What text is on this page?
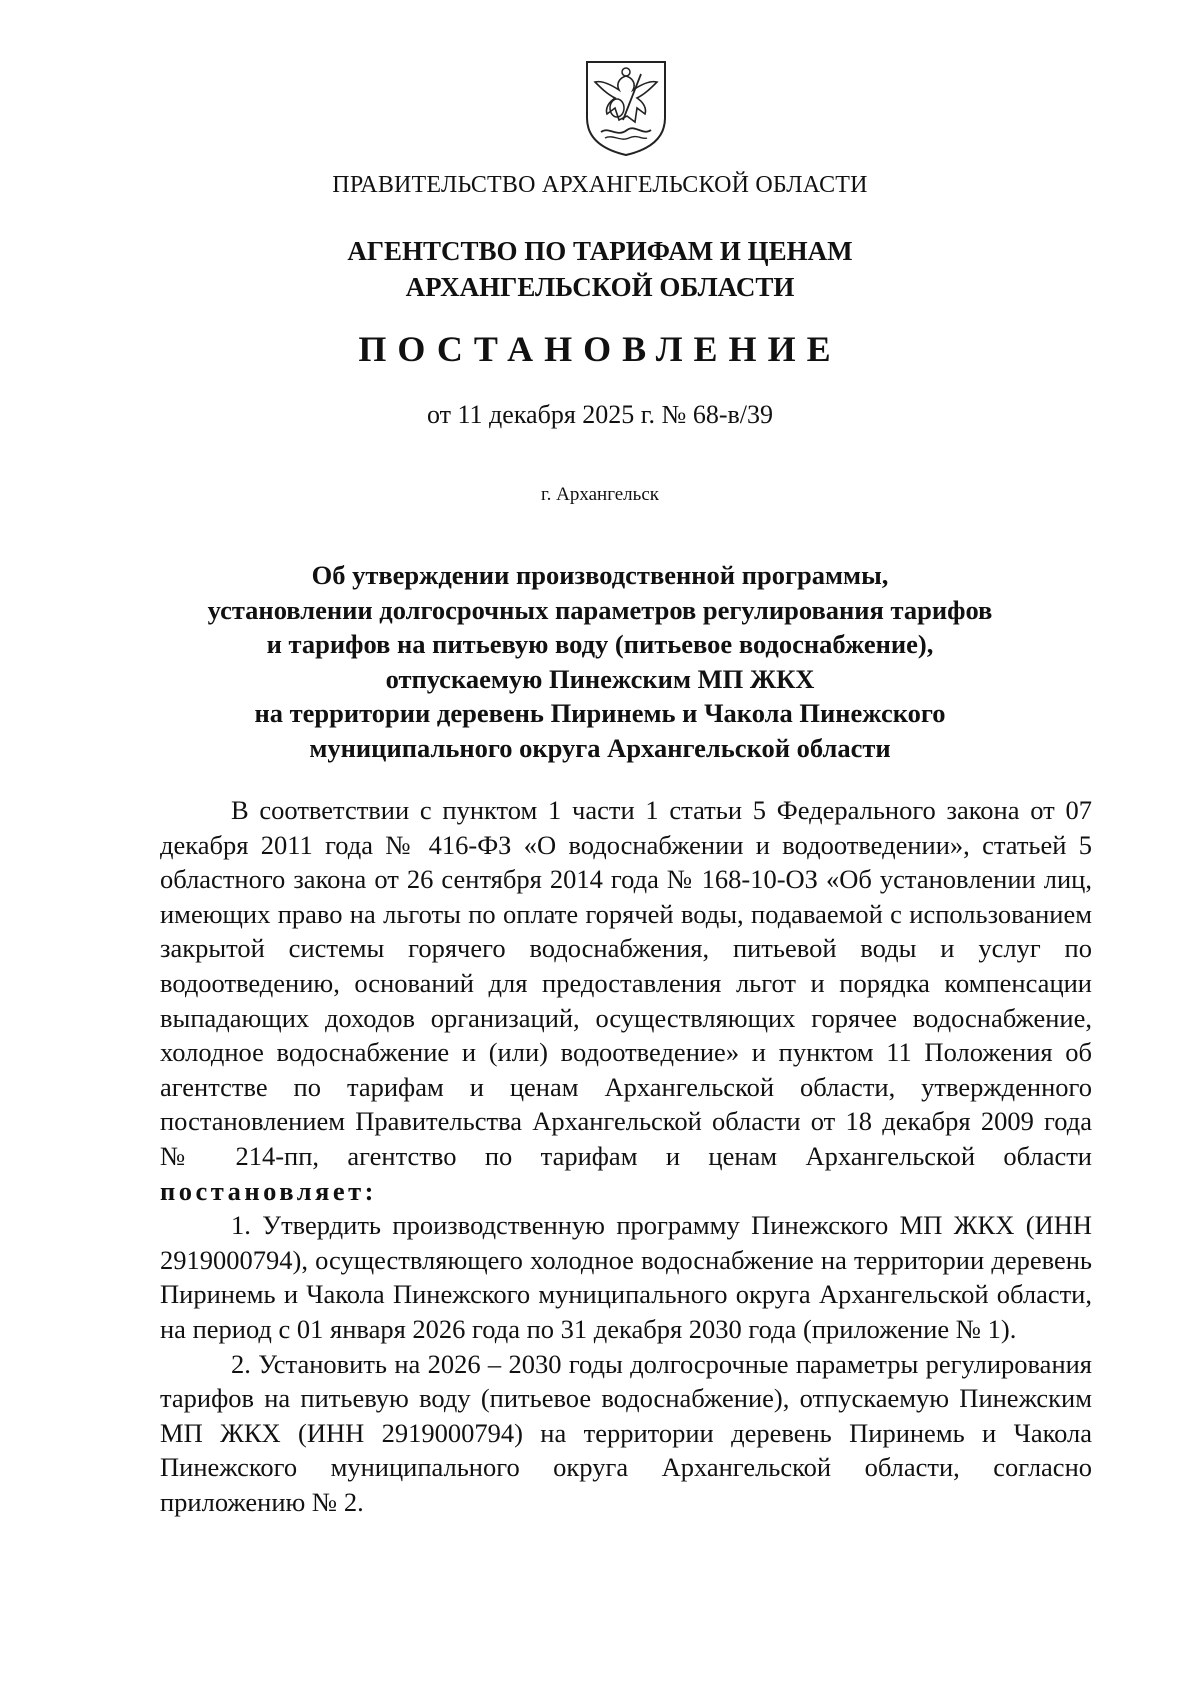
ПРАВИТЕЛЬСТВО АРХАНГЕЛЬСКОЙ ОБЛАСТИ
АГЕНТСТВО ПО ТАРИФАМ И ЦЕНАМ
АРХАНГЕЛЬСКОЙ ОБЛАСТИ
ПОСТАНОВЛЕНИЕ
от 11 декабря 2025 г. № 68-в/39
г. Архангельск
Об утверждении производственной программы,
установлении долгосрочных параметров регулирования тарифов
и тарифов на питьевую воду (питьевое водоснабжение),
отпускаемую Пинежским МП ЖКХ
на территории деревень Пиринемь и Чакола Пинежского
муниципального округа Архангельской области

В соответствии с пунктом 1 части 1 статьи 5 Федерального закона от 07 декабря 2011 года № 416-ФЗ «О водоснабжении и водоотведении», статьей 5 областного закона от 26 сентября 2014 года № 168-10-ОЗ «Об установлении лиц, имеющих право на льготы по оплате горячей воды, подаваемой с использованием закрытой системы горячего водоснабжения, питьевой воды и услуг по водоотведению, оснований для предоставления льгот и порядка компенсации выпадающих доходов организаций, осуществляющих горячее водоснабжение, холодное водоснабжение и (или) водоотведение» и пунктом 11 Положения об агентстве по тарифам и ценам Архангельской области, утвержденного постановлением Правительства Архангельской области от 18 декабря 2009 года № 214-пп, агентство по тарифам и ценам Архангельской области постановляет:

1. Утвердить производственную программу Пинежского МП ЖКХ (ИНН 2919000794), осуществляющего холодное водоснабжение на территории деревень Пиринемь и Чакола Пинежского муниципального округа Архангельской области, на период с 01 января 2026 года по 31 декабря 2030 года (приложение № 1).

2. Установить на 2026 – 2030 годы долгосрочные параметры регулирования тарифов на питьевую воду (питьевое водоснабжение), отпускаемую Пинежским МП ЖКХ (ИНН 2919000794) на территории деревень Пиринемь и Чакола Пинежского муниципального округа Архангельской области, согласно приложению № 2.
